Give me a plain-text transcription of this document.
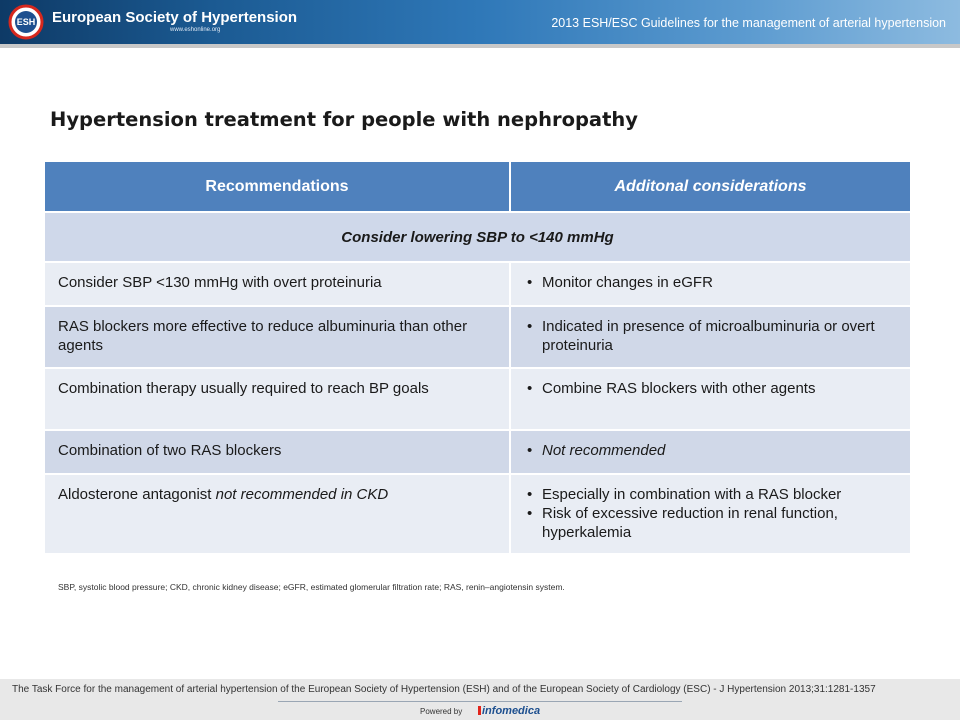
ESH European Society of Hypertension
www.eshonline.org	2013 ESH/ESC Guidelines for the management of arterial hypertension
Hypertension treatment for people with nephropathy
Recommendations	Additonal considerations
Consider lowering SBP to <140 mmHg	
Consider SBP <130 mmHg with overt proteinuria	• Monitor changes in eGFR

RAS blockers more effective to reduce albuminuria than other agents	• Indicated in presence of microalbuminuria or overt proteinuria

Combination therapy usually required to reach BP goals	• Combine RAS blockers with other agents

Combination of two RAS blockers	• Not recommended

Aldosterone antagonist not recommended in CKD	• Especially in combination with a RAS blocker
• Risk of excessive reduction in renal function, hyperkalemia
SBP, systolic blood pressure; CKD, chronic kidney disease; eGFR, estimated glomerular filtration rate; RAS, renin–angiotensin system.
The Task Force for the management of arterial hypertension of the European Society of Hypertension (ESH) and of the European Society of Cardiology (ESC) - J Hypertension 2013;31:1281-1357
Powered by infomedica
